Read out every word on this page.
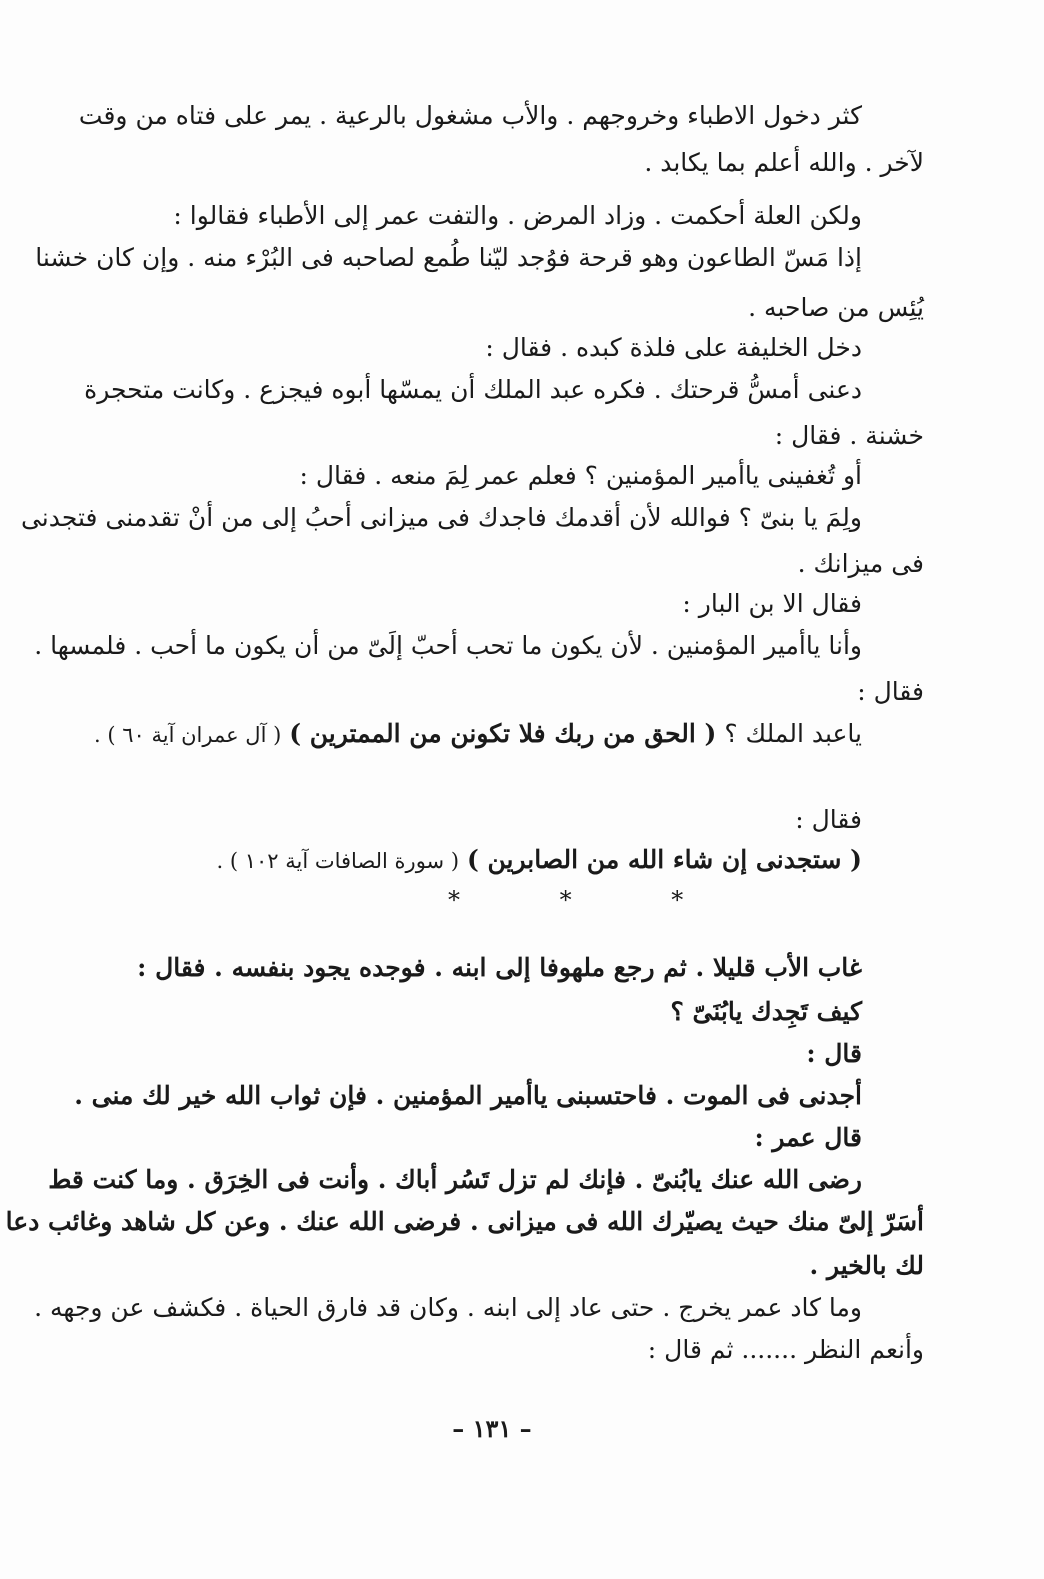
كثر دخول الاطباء وخروجهم . والأب مشغول بالرعية . يمر على فتاه من وقت
لآخر . والله أعلم بما يكابد .
ولكن العلة أحكمت . وزاد المرض . والتفت عمر إلى الأطباء فقالوا :
إذا مَسّ الطاعون وهو قرحة فوُجد ليّنا طُمع لصاحبه فى البُرْء منه . وإن كان خشنا
يُئِس من صاحبه .
دخل الخليفة على فلذة كبده . فقال :
دعنى أمسُّ قرحتك . فكره عبد الملك أن يمسّها أبوه فيجزع . وكانت متحجرة
خشنة . فقال :
أو تُغفينى ياأمير المؤمنين ؟ فعلم عمر لِمَ منعه . فقال :
ولِمَ يا بنىّ ؟ فوالله لأن أقدمك فاجدك فى ميزانى أحبُ إلى من أنْ تقدمنى فتجدنى
فى ميزانك .
فقال الا بن البار :
وأنا ياأمير المؤمنين . لأن يكون ما تحب أحبّ إلَىّ من أن يكون ما أحب . فلمسها .
فقال :
ياعبد الملك ؟ ( الحق من ربك فلا تكونن من الممترين ) ( آل عمران آية ٦٠ ) .
فقال :
( ستجدنى إن شاء الله من الصابرين ) ( سورة الصافات آية ١٠٢ ) .
* * *
غاب الأب قليلا . ثم رجع ملهوفا إلى ابنه . فوجده يجود بنفسه . فقال :
كيف تَجِدك يابُنَىّ ؟
قال :
أجدنى فى الموت . فاحتسبنى ياأمير المؤمنين . فإن ثواب الله خير لك منى .
قال عمر :
رضى الله عنك يابُنىّ . فإنك لم تزل تَسُر أباك . وأنت فى الخِرَق . وما كنت قط
أسَرّ إلىّ منك حيث يصيّرك الله فى ميزانى . فرضى الله عنك . وعن كل شاهد وغائب دعا
لك بالخير .
وما كاد عمر يخرج . حتى عاد إلى ابنه . وكان قد فارق الحياة . فكشف عن وجهه .
وأنعم النظر ....... ثم قال :
– ١٣١ –
